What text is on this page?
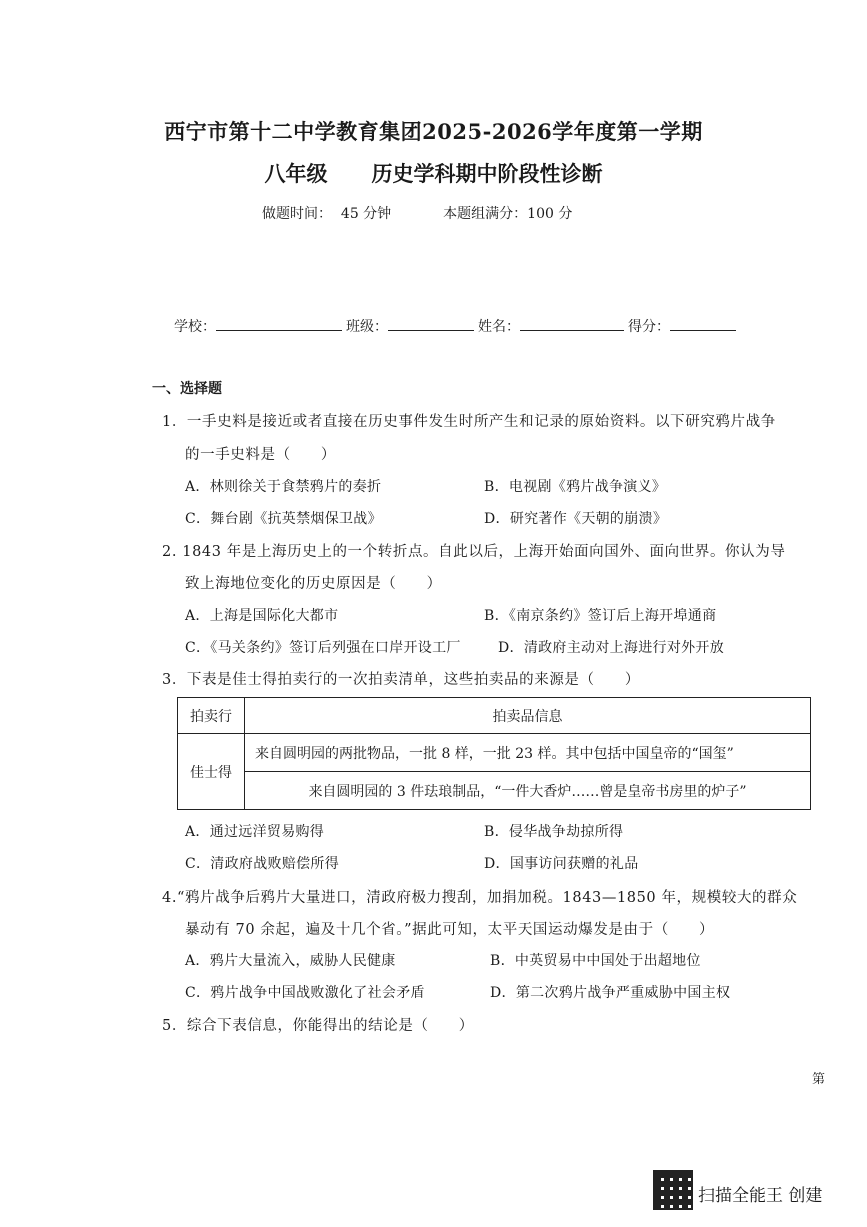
西宁市第十二中学教育集团2025-2026学年度第一学期
八年级 历史学科期中阶段性诊断
做题时间： 45 分钟	本题组满分：100 分
学校：	班级：	姓名：	得分：
一、选择题
1．一手史料是接近或者直接在历史事件发生时所产生和记录的原始资料。以下研究鸦片战争
的一手史料是（　　）
A．林则徐关于食禁鸦片的奏折	B．电视剧《鸦片战争演义》
C．舞台剧《抗英禁烟保卫战》	D．研究著作《天朝的崩溃》
2. 1843 年是上海历史上的一个转折点。自此以后，上海开始面向国外、面向世界。你认为导
致上海地位变化的历史原因是（　　）
A．上海是国际化大都市	B．《南京条约》签订后上海开埠通商
C．《马关条约》签订后列强在口岸开设工厂	D．清政府主动对上海进行对外开放
3．下表是佳士得拍卖行的一次拍卖清单，这些拍卖品的来源是（　　）
拍卖行	拍卖品信息
佳士得	来自圆明园的两批物品，一批 8 样，一批 23 样。其中包括中国皇帝的“国玺”
	来自圆明园的 3 件珐琅制品，“一件大香炉……曾是皇帝书房里的炉子”
A．通过远洋贸易购得	B．侵华战争劫掠所得
C．清政府战败赔偿所得	D．国事访问获赠的礼品
4.“鸦片战争后鸦片大量进口，清政府极力搜刮，加捐加税。1843—1850 年，规模较大的群众
暴动有 70 余起，遍及十几个省。”据此可知，太平天国运动爆发是由于（　　）
A．鸦片大量流入，威胁人民健康	B．中英贸易中中国处于出超地位
C．鸦片战争中国战败激化了社会矛盾	D．第二次鸦片战争严重威胁中国主权
5．综合下表信息，你能得出的结论是（　　）
第
扫描全能王 创建
